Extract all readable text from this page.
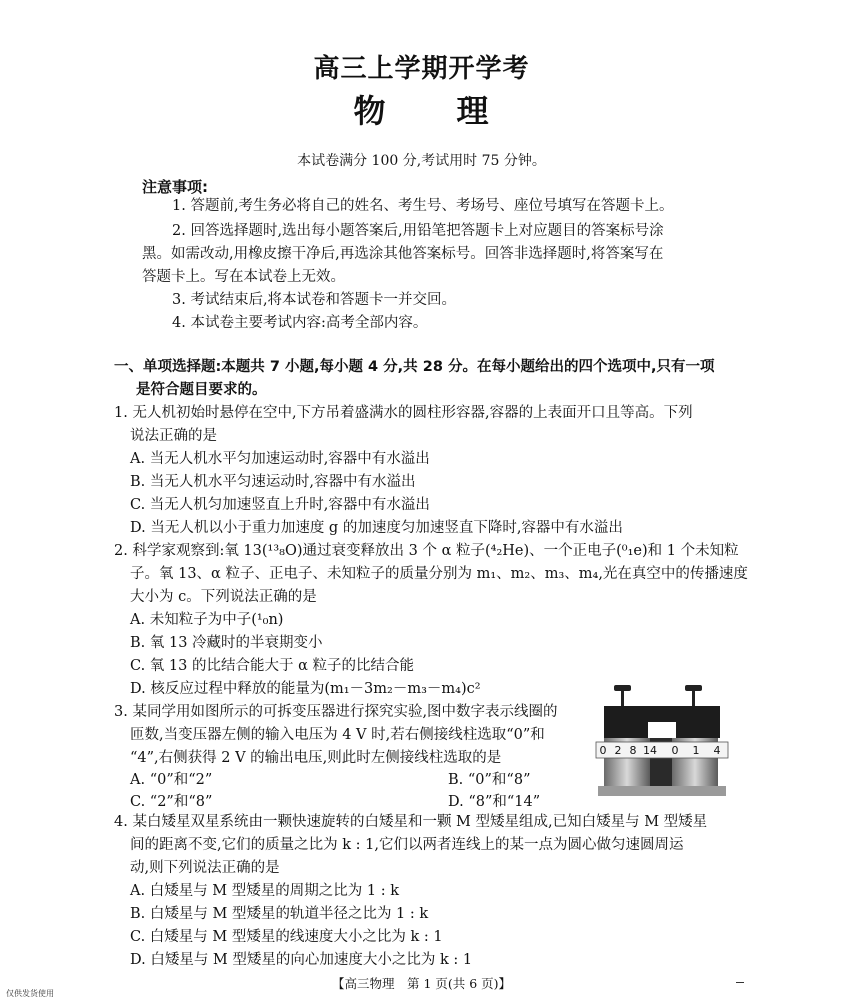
高三上学期开学考
物 理
本试卷满分 100 分,考试用时 75 分钟。
注意事项:
1. 答题前,考生务必将自己的姓名、考生号、考场号、座位号填写在答题卡上。
2. 回答选择题时,选出每小题答案后,用铅笔把答题卡上对应题目的答案标号涂
黑。如需改动,用橡皮擦干净后,再选涂其他答案标号。回答非选择题时,将答案写在
答题卡上。写在本试卷上无效。
3. 考试结束后,将本试卷和答题卡一并交回。
4. 本试卷主要考试内容:高考全部内容。
一、单项选择题:本题共 7 小题,每小题 4 分,共 28 分。在每小题给出的四个选项中,只有一项
是符合题目要求的。
1. 无人机初始时悬停在空中,下方吊着盛满水的圆柱形容器,容器的上表面开口且等高。下列
说法正确的是
A. 当无人机水平匀加速运动时,容器中有水溢出
B. 当无人机水平匀速运动时,容器中有水溢出
C. 当无人机匀加速竖直上升时,容器中有水溢出
D. 当无人机以小于重力加速度 g 的加速度匀加速竖直下降时,容器中有水溢出
2. 科学家观察到:氧 13(¹³₈O)通过衰变释放出 3 个 α 粒子(⁴₂He)、一个正电子(⁰₁e)和 1 个未知粒
子。氧 13、α 粒子、正电子、未知粒子的质量分别为 m₁、m₂、m₃、m₄,光在真空中的传播速度
大小为 c。下列说法正确的是
A. 未知粒子为中子(¹₀n)
B. 氧 13 冷藏时的半衰期变小
C. 氧 13 的比结合能大于 α 粒子的比结合能
D. 核反应过程中释放的能量为(m₁－3m₂－m₃－m₄)c²
3. 某同学用如图所示的可拆变压器进行探究实验,图中数字表示线圈的
匝数,当变压器左侧的输入电压为 4 V 时,若右侧接线柱选取“0”和
“4”,右侧获得 2 V 的输出电压,则此时左侧接线柱选取的是
A. “0”和“2”	B. “0”和“8”
C. “2”和“8”	D. “8”和“14”
0 2 8 14 0 1 4
4. 某白矮星双星系统由一颗快速旋转的白矮星和一颗 M 型矮星组成,已知白矮星与 M 型矮星
间的距离不变,它们的质量之比为 k : 1,它们以两者连线上的某一点为圆心做匀速圆周运
动,则下列说法正确的是
A. 白矮星与 M 型矮星的周期之比为 1 : k
B. 白矮星与 M 型矮星的轨道半径之比为 1 : k
C. 白矮星与 M 型矮星的线速度大小之比为 k : 1
D. 白矮星与 M 型矮星的向心加速度大小之比为 k : 1
【高三物理　第 1 页(共 6 页)】
仅供发货使用
